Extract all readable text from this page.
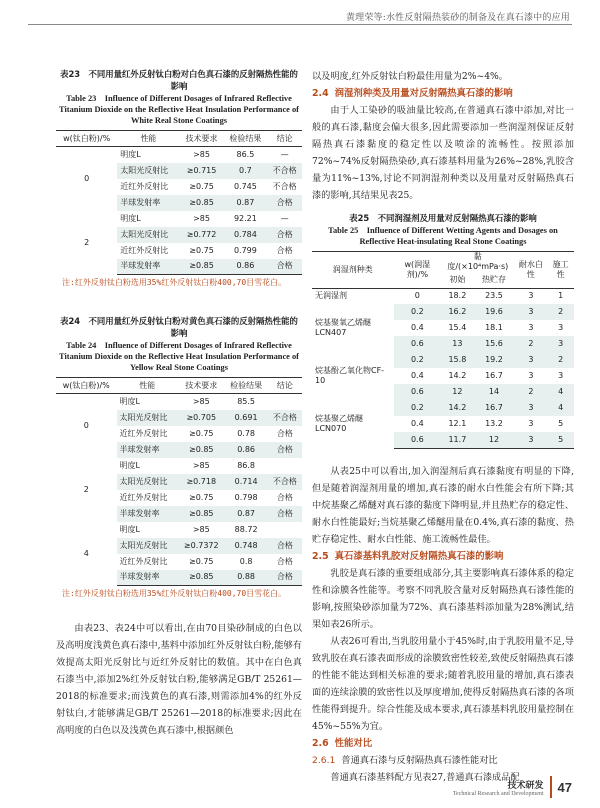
黄理荣等:水性反射隔热装砂的制备及在真石漆中的应用
表23　不同用量红外反射钛白粉对白色真石漆的反射隔热性能的影响
Table 23　Influence of Different Dosages of Infrared Reflective Titanium Dioxide on the Reflective Heat Insulation Performance of White Real Stone Coatings
w(钛白粉)/%	性能	技术要求	检验结果	结论
0	明度L	>85	86.5	—
	太阳光反射比	≥0.715	0.7	不合格
	近红外反射比	≥0.75	0.745	不合格
	半球发射率	≥0.85	0.87	合格
2	明度L	>85	92.21	—
	太阳光反射比	≥0.772	0.784	合格
	近红外反射比	≥0.75	0.799	合格
	半球发射率	≥0.85	0.86	合格
注:红外反射钛白粉选用35%红外反射钛白粉400,70目雪花白。
表24　不同用量红外反射钛白粉对黄色真石漆的反射隔热性能的影响
Table 24　Influence of Different Dosages of Infrared Reflective Titanium Dioxide on the Reflective Heat Insulation Performance of Yellow Real Stone Coatings
w(钛白粉)/%	性能	技术要求	检验结果	结论
0	明度L	>85	85.5	
	太阳光反射比	≥0.705	0.691	不合格
	近红外反射比	≥0.75	0.78	合格
	半球发射率	≥0.85	0.86	合格
2	明度L	>85	86.8	
	太阳光反射比	≥0.718	0.714	不合格
	近红外反射比	≥0.75	0.798	合格
	半球发射率	≥0.85	0.87	合格
4	明度L	>85	88.72	
	太阳光反射比	≥0.7372	0.748	合格
	近红外反射比	≥0.75	0.8	合格
	半球发射率	≥0.85	0.88	合格
注:红外反射钛白粉选用35%红外反射钛白粉400,70目雪花白。

由表23、表24中可以看出,在由70目染砂制成的白色以及高明度浅黄色真石漆中,基料中添加红外反射钛白粉,能够有效提高太阳光反射比与近红外反射比的数值。其中在白色真石漆当中,添加2%红外反射钛白粉,能够满足GB/T 25261—2018的标准要求;而浅黄色的真石漆,则需添加4%的红外反射钛白,才能够满足GB/T 25261—2018的标准要求;因此在高明度的白色以及浅黄色真石漆中,根据颜色

以及明度,红外反射钛白粉最佳用量为2%~4%。

2.4 润湿剂种类及用量对反射隔热真石漆的影响

由于人工染砂的吸油量比较高,在普通真石漆中添加,对比一般的真石漆,黏度会偏大很多,因此需要添加一些润湿剂保证反射隔热真石漆黏度的稳定性以及喷涂的流畅性。按照添加72%~74%反射隔热染砂,真石漆基料用量为26%~28%,乳胶含量为11%~13%,讨论不同润湿剂种类以及用量对反射隔热真石漆的影响,其结果见表25。

表25　不同润湿剂及用量对反射隔热真石漆的影响
Table 25　Influence of Different Wetting Agents and Dosages on Reflective Heat-insulating Real Stone Coatings
润湿剂种类	w(润湿剂)/%	黏度/(×10⁴mPa·s)		耐水白性	施工性
		初始	热贮存		
无润湿剂	0	18.2	23.5	3	1
烷基聚氧乙烯醚LCN407	0.2	16.2	19.6	3	2
	0.4	15.4	18.1	3	3
	0.6	13	15.6	2	3
烷基酚乙氧化物CF-10	0.2	15.8	19.2	3	2
	0.4	14.2	16.7	3	3
	0.6	12	14	2	4
烷基聚乙烯醚LCN070	0.2	14.2	16.7	3	4
	0.4	12.1	13.2	3	5
	0.6	11.7	12	3	5

从表25中可以看出,加入润湿剂后真石漆黏度有明显的下降,但是随着润湿剂用量的增加,真石漆的耐水白性能会有所下降;其中烷基聚乙烯醚对真石漆的黏度下降明显,并且热贮存的稳定性、耐水白性能最好;当烷基聚乙烯醚用量在0.4%,真石漆的黏度、热贮存稳定性、耐水白性能、施工流畅性最佳。

2.5 真石漆基料乳胶对反射隔热真石漆的影响

乳胶是真石漆的重要组成部分,其主要影响真石漆体系的稳定性和涂膜各性能等。考察不同乳胶含量对反射隔热真石漆性能的影响,按照染砂添加量为72%、真石漆基料添加量为28%测试,结果如表26所示。

从表26可看出,当乳胶用量小于45%时,由于乳胶用量不足,导致乳胶在真石漆表面形成的涂膜致密性较差,致使反射隔热真石漆的性能不能达到相关标准的要求;随着乳胶用量的增加,真石漆表面的连续涂膜的致密性以及厚度增加,使得反射隔热真石漆的各项性能得到提升。综合性能及成本要求,真石漆基料乳胶用量控制在45%~55%为宜。

2.6 性能对比
2.6.1 普通真石漆与反射隔热真石漆性能对比

普通真石漆基料配方见表27,普通真石漆成品配

技术研发
Technical Research and Development 47
